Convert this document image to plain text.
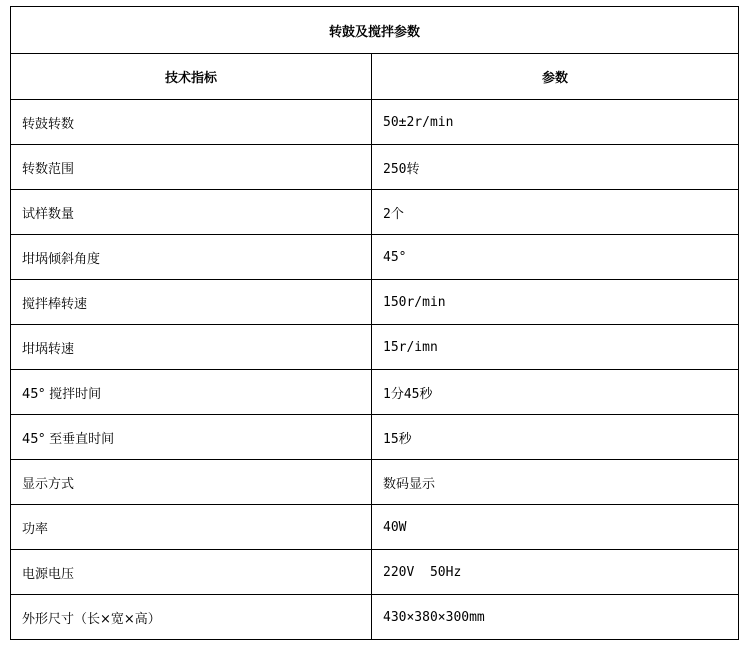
转鼓及搅拌参数	
技术指标	参数
转鼓转数	50±2r/min
转数范围	250转
试样数量	2个
坩埚倾斜角度	45°
搅拌棒转速	150r/min
坩埚转速	15r/imn
45° 搅拌时间	1分45秒
45° 至垂直时间	15秒
显示方式	数码显示
功率	40W
电源电压	220V  50Hz
外形尺寸（长×宽×高）	430×380×300mm
